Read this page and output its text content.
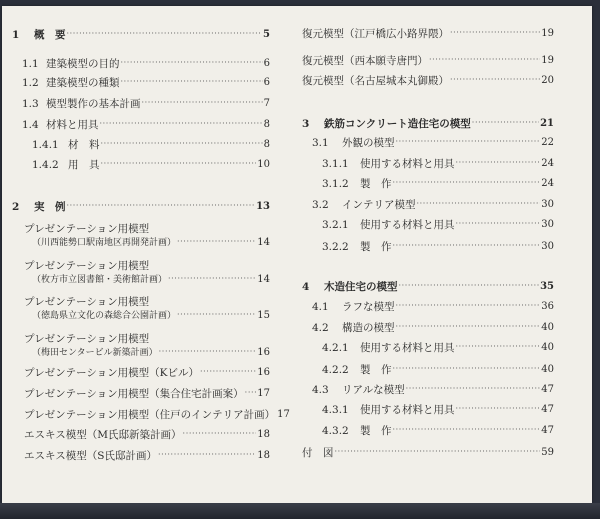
1	概　要 ·····	5
1.1 建築模型の目的 ·····	6
1.2 建築模型の種類 ·····	6
1.3 模型製作の基本計画 ·····	7
1.4 材料と用具 ·····	8
1.4.1 材　料 ·····	8
1.4.2 用　具 ·····	10
2	実　例 ·····	13
プレゼンテーション用模型
（川西能勢口駅南地区再開発計画） ·····	14
プレゼンテーション用模型
（枚方市立図書館・美術館計画） ·····	14
プレゼンテーション用模型
（徳島県立文化の森総合公園計画） ·····	15
プレゼンテーション用模型
（梅田センタービル新築計画） ·····	16
プレゼンテーション用模型（Kビル） ·····	16
プレゼンテーション用模型（集合住宅計画案） ····· 17
プレゼンテーション用模型（住戸のインテリア計画） 17
エスキス模型（M氏邸新築計画） ·····	18
エスキス模型（S氏邸計画） ·····	18
復元模型（江戸橋広小路界隈） ·····	19
復元模型（西本願寺唐門） ·····	19
復元模型（名古屋城本丸御殿） ·····	20
3	鉄筋コンクリート造住宅の模型 ·····	21
3.1	外観の模型 ·····	22
3.1.1	使用する材料と用具 ·····	24
3.1.2	製　作 ·····	24
3.2	インテリア模型 ·····	30
3.2.1	使用する材料と用具 ·····	30
3.2.2	製　作 ·····	30
4	木造住宅の模型 ·····	35
4.1	ラフな模型 ·····	36
4.2	構造の模型 ·····	40
4.2.1	使用する材料と用具 ·····	40
4.2.2	製　作 ·····	40
4.3	リアルな模型 ·····	47
4.3.1	使用する材料と用具 ·····	47
4.3.2	製　作 ·····	47
付　図 ·····	59
